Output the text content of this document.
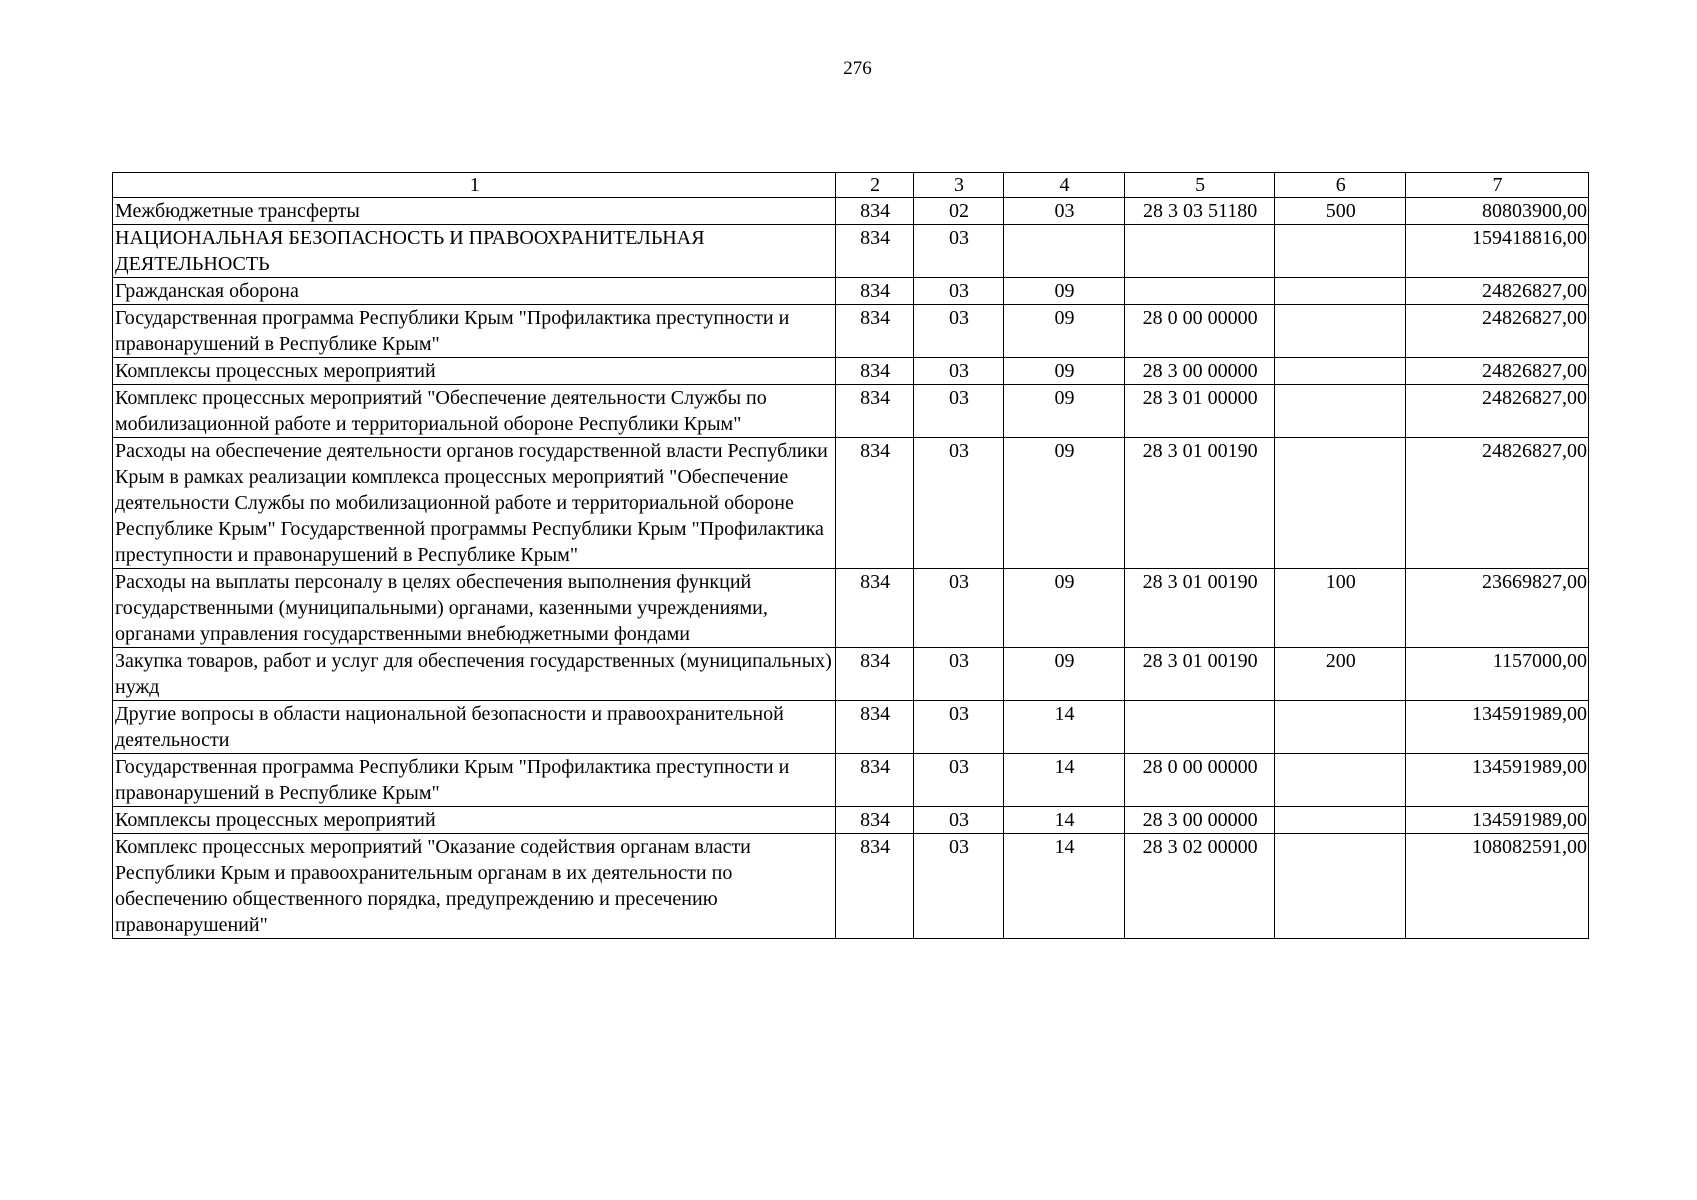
276
1	2	3	4	5	6	7
Межбюджетные трансферты	834	02	03	28 3 03 51180	500	80803900,00
НАЦИОНАЛЬНАЯ БЕЗОПАСНОСТЬ И ПРАВООХРАНИТЕЛЬНАЯ ДЕЯТЕЛЬНОСТЬ	834	03				159418816,00
Гражданская оборона	834	03	09			24826827,00
Государственная программа Республики Крым "Профилактика преступности и правонарушений в Республике Крым"	834	03	09	28 0 00 00000		24826827,00
Комплексы процессных мероприятий	834	03	09	28 3 00 00000		24826827,00
Комплекс процессных мероприятий "Обеспечение деятельности Службы по мобилизационной работе и территориальной обороне Республики Крым"	834	03	09	28 3 01 00000		24826827,00
Расходы на обеспечение деятельности органов государственной власти Республики Крым в рамках реализации комплекса процессных мероприятий "Обеспечение деятельности Службы по мобилизационной работе и территориальной обороне Республике Крым" Государственной программы Республики Крым "Профилактика преступности и правонарушений в Республике Крым"	834	03	09	28 3 01 00190		24826827,00
Расходы на выплаты персоналу в целях обеспечения выполнения функций государственными (муниципальными) органами, казенными учреждениями, органами управления государственными внебюджетными фондами	834	03	09	28 3 01 00190	100	23669827,00
Закупка товаров, работ и услуг для обеспечения государственных (муниципальных) нужд	834	03	09	28 3 01 00190	200	1157000,00
Другие вопросы в области национальной безопасности и правоохранительной деятельности	834	03	14			134591989,00
Государственная программа Республики Крым "Профилактика преступности и правонарушений в Республике Крым"	834	03	14	28 0 00 00000		134591989,00
Комплексы процессных мероприятий	834	03	14	28 3 00 00000		134591989,00
Комплекс процессных мероприятий "Оказание содействия органам власти Республики Крым и правоохранительным органам в их деятельности по обеспечению общественного порядка, предупреждению и пресечению правонарушений"	834	03	14	28 3 02 00000		108082591,00
